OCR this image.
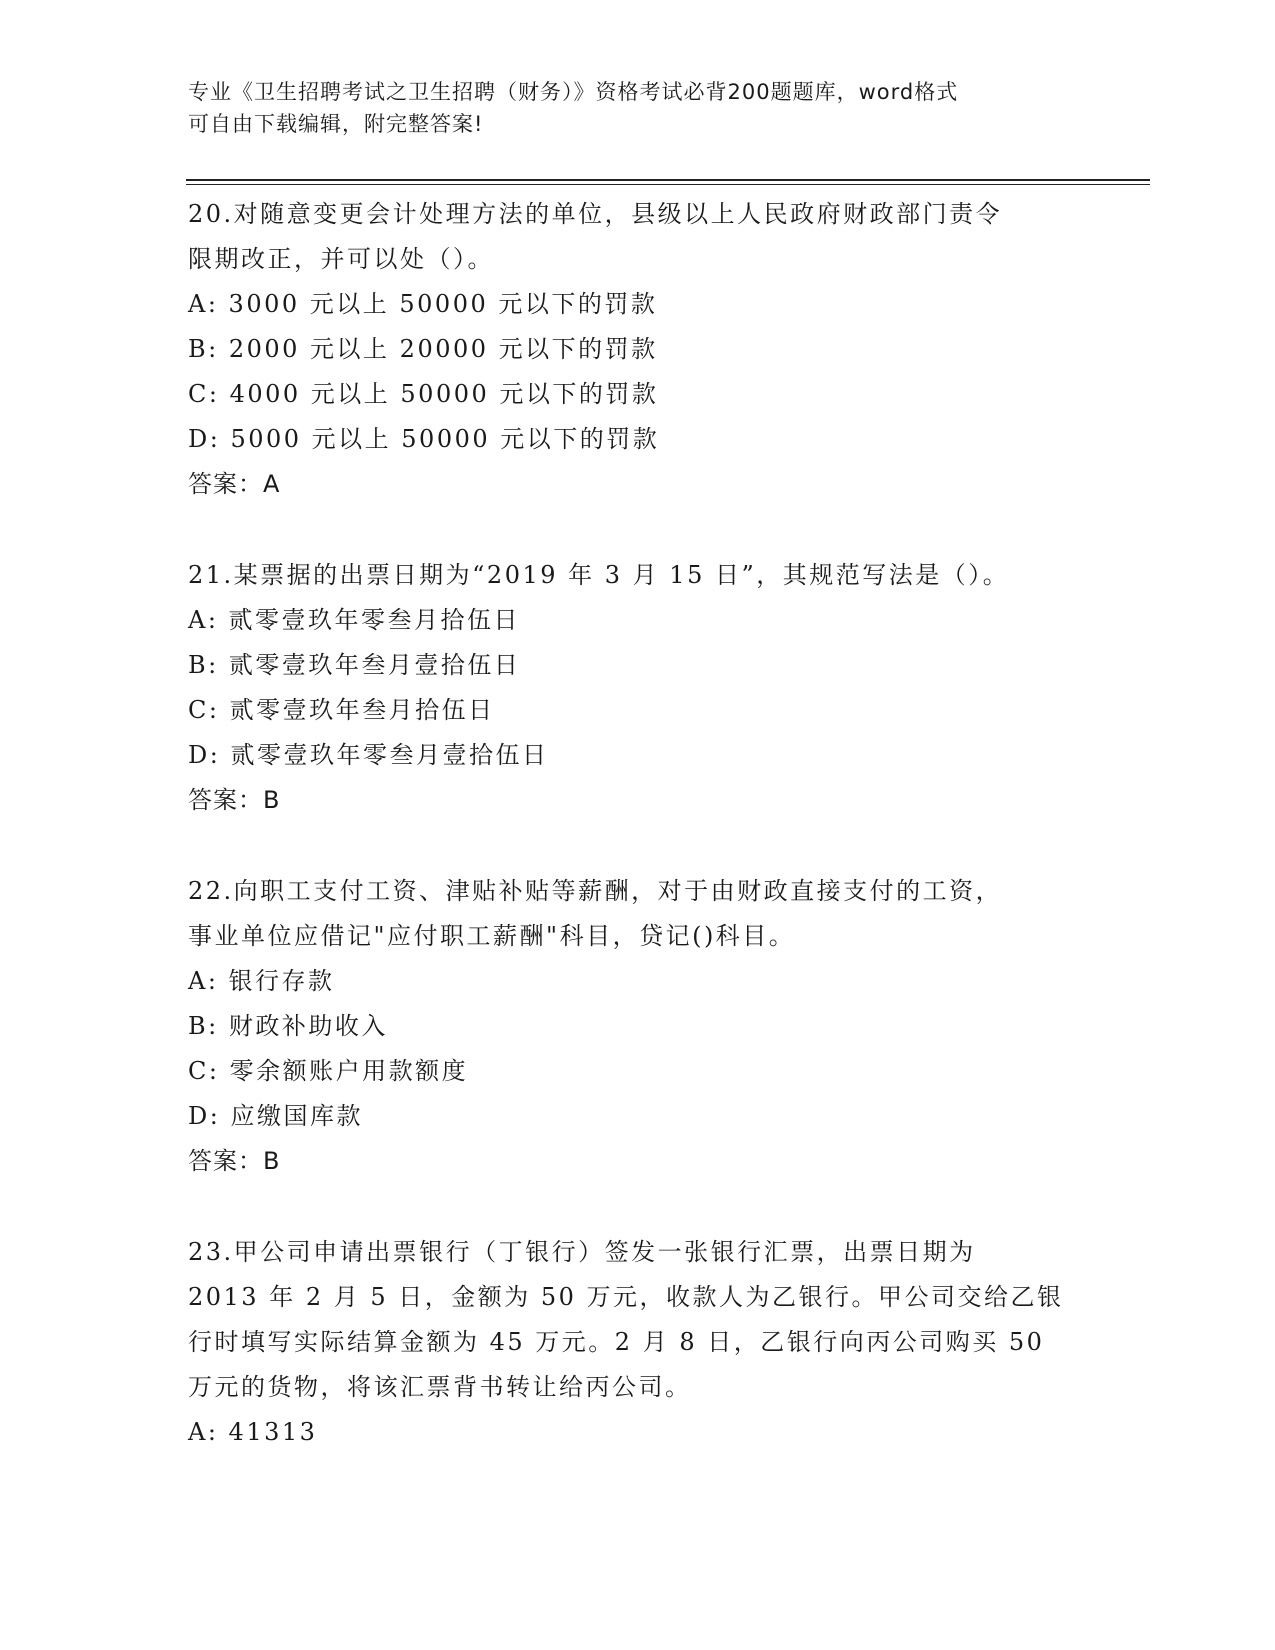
专业《卫生招聘考试之卫生招聘（财务）》资格考试必背200题题库，word格式
可自由下载编辑，附完整答案!
20.对随意变更会计处理方法的单位，县级以上人民政府财政部门责令
限期改正，并可以处（）。
A: 3000 元以上 50000 元以下的罚款
B: 2000 元以上 20000 元以下的罚款
C: 4000 元以上 50000 元以下的罚款
D: 5000 元以上 50000 元以下的罚款
答案：A
21.某票据的出票日期为“2019 年 3 月 15 日”，其规范写法是（）。
A: 贰零壹玖年零叁月拾伍日
B: 贰零壹玖年叁月壹拾伍日
C: 贰零壹玖年叁月拾伍日
D: 贰零壹玖年零叁月壹拾伍日
答案：B
22.向职工支付工资、津贴补贴等薪酬，对于由财政直接支付的工资，
事业单位应借记"应付职工薪酬"科目，贷记()科目。
A: 银行存款
B: 财政补助收入
C: 零余额账户用款额度
D: 应缴国库款
答案：B
23.甲公司申请出票银行（丁银行）签发一张银行汇票，出票日期为
2013 年 2 月 5 日，金额为 50 万元，收款人为乙银行。甲公司交给乙银
行时填写实际结算金额为 45 万元。2 月 8 日，乙银行向丙公司购买 50
万元的货物，将该汇票背书转让给丙公司。
A: 41313
